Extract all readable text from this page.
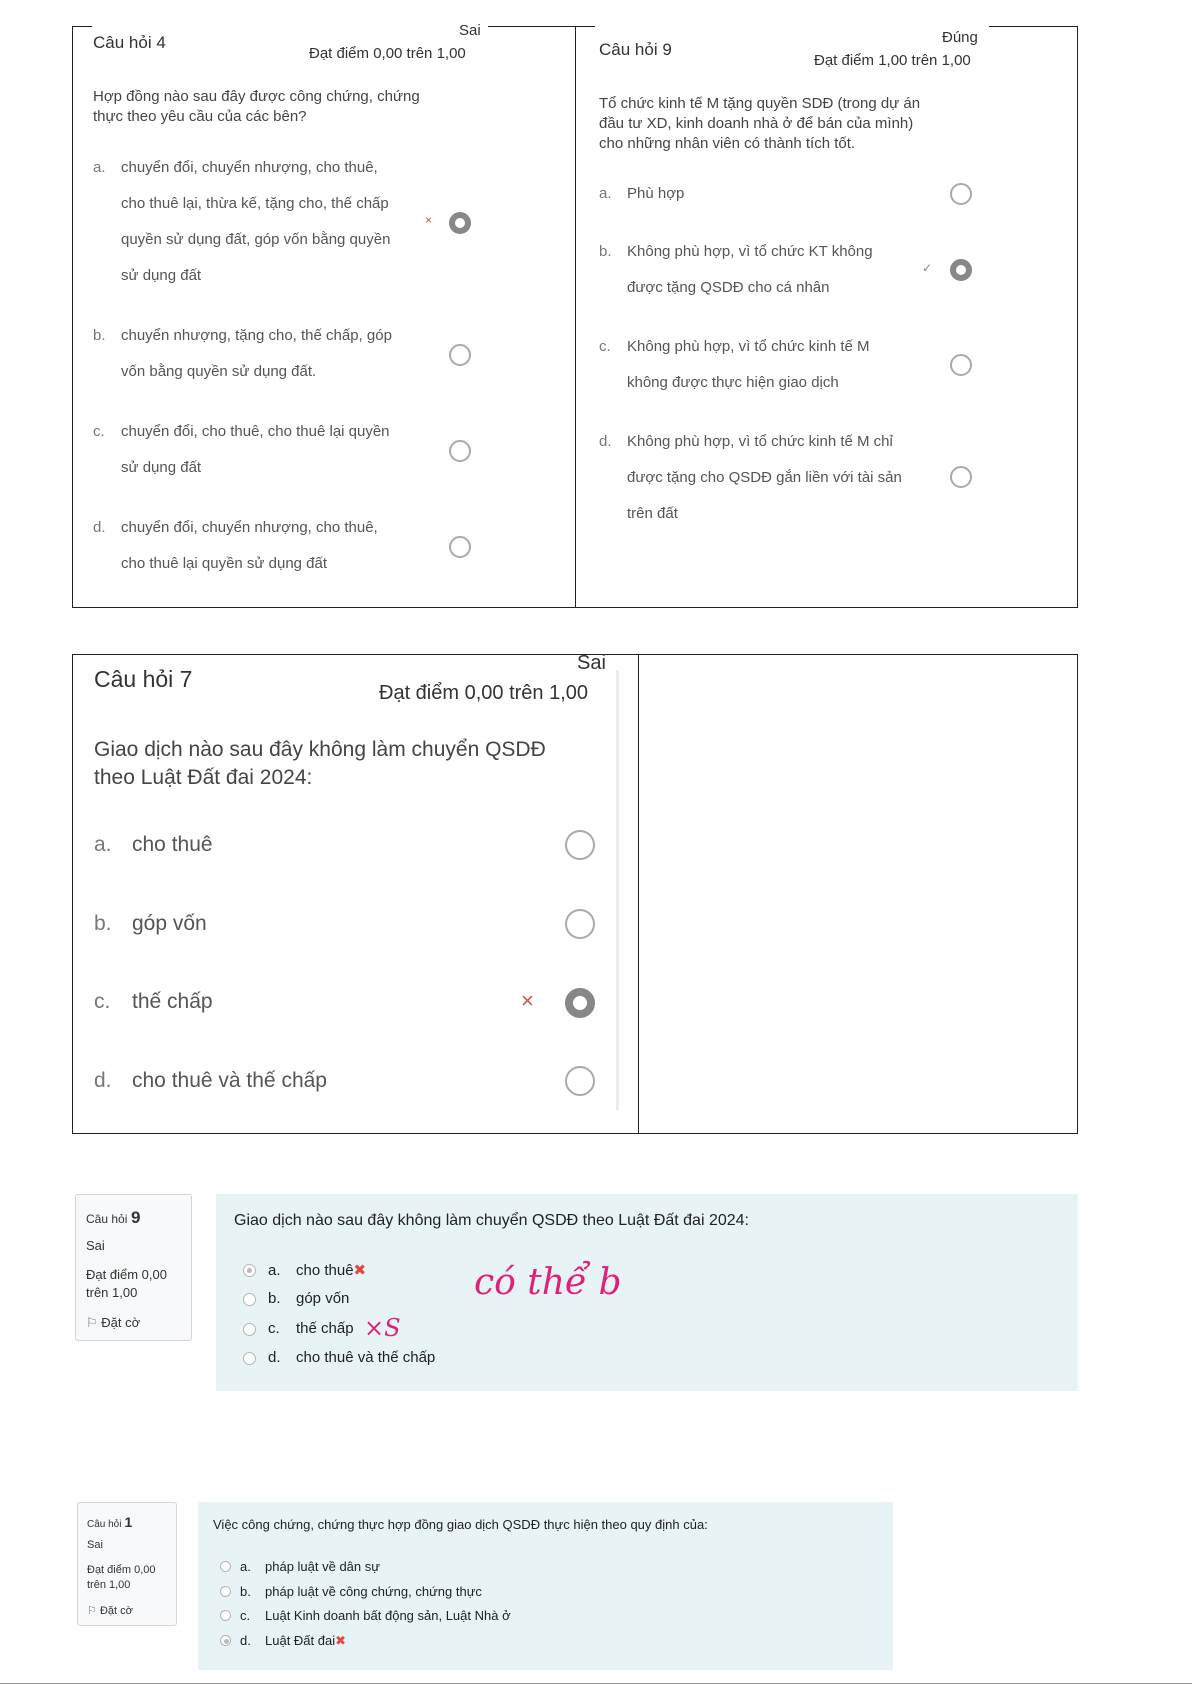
Câu hỏi 4
Sai
Đạt điểm 0,00 trên 1,00
Hợp đồng nào sau đây được công chứng, chứng
thực theo yêu cầu của các bên?
a. chuyển đổi, chuyển nhượng, cho thuê,
cho thuê lại, thừa kế, tặng cho, thế chấp
quyền sử dụng đất, góp vốn bằng quyền
sử dụng đất
×
b. chuyển nhượng, tặng cho, thế chấp, góp
vốn bằng quyền sử dụng đất.
c. chuyển đổi, cho thuê, cho thuê lại quyền
sử dụng đất
d. chuyển đổi, chuyển nhượng, cho thuê,
cho thuê lại quyền sử dụng đất
Câu hỏi 9
Đúng
Đạt điểm 1,00 trên 1,00
Tổ chức kinh tế M tặng quyền SDĐ (trong dự án
đầu tư XD, kinh doanh nhà ở để bán của mình)
cho những nhân viên có thành tích tốt.
a. Phù hợp
b. Không phù hợp, vì tổ chức KT không
được tặng QSDĐ cho cá nhân
✓
c. Không phù hợp, vì tổ chức kinh tế M
không được thực hiện giao dịch
d. Không phù hợp, vì tổ chức kinh tế M chỉ
được tặng cho QSDĐ gắn liền với tài sản
trên đất
Câu hỏi 7
Sai
Đạt điểm 0,00 trên 1,00
Giao dịch nào sau đây không làm chuyển QSDĐ
theo Luật Đất đai 2024:
a. cho thuê
b. góp vốn
c. thế chấp	×
d. cho thuê và thế chấp
Câu hỏi 9
Sai
Đạt điểm 0,00
trên 1,00
⚐ Đặt cờ
Giao dịch nào sau đây không làm chuyển QSDĐ theo Luật Đất đai 2024:
a. cho thuê✖
b. góp vốn
c. thế chấp
d. cho thuê và thế chấp
có thể b
×S
Câu hỏi 1
Sai
Đạt điểm 0,00
trên 1,00
⚐ Đặt cờ
Việc công chứng, chứng thực hợp đồng giao dịch QSDĐ thực hiện theo quy định của:
a. pháp luật về dân sự
b. pháp luật về công chứng, chứng thực
c. Luật Kinh doanh bất động sản, Luật Nhà ở
d. Luật Đất đai✖
